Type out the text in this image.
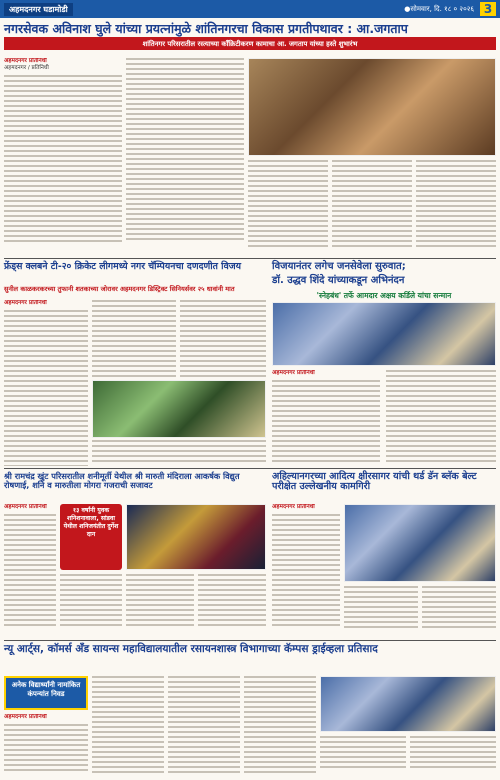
अहमदनगर घडामोडी	●सोमवार, दि. १८ ० २०२६ 3
नगरसेवक अविनाश घुले यांच्या प्रयत्नांमुळे शांतिनगरचा विकास प्रगतीपथावर : आ.जगताप
शांतिनगर परिसरातील रस्त्याच्या काँक्रिटीकरण कामाचा आ. जगताप यांच्या हस्ते शुभारंभ
अहमदनगर प्रतिनिधी
अहमदनगर / प्रतिनिधी
फ्रेंड्स क्लबने टी-२० क्रिकेट लीगमध्ये नगर चॅम्पियनचा दणदणीत विजय
सुनील काळकरकरच्या तुफानी शतकाच्या जोरावर अहमदनगर डिस्ट्रिक्ट सिनियर्सवर २५ धावांनी मात
विजयानंतर लगेच जनसेवेला सुरुवात;
डॉ. उद्धव शिंदे यांच्याकडून अभिनंदन
'स्नेहबंध' तर्फे आमदार अक्षय कर्डिले यांचा सन्मान
अहमदनगर प्रतिनिधी
अहमदनगर प्रतिनिधी
श्री रामचंद्र खुंट परिसरातील शनीमूर्ती येथील श्री मारुती मंदिराला आकर्षक विद्युत रोषणाई, शनि व मारुतीला मोगरा गजराची सजावट
अहिल्यानगरच्या आदित्य क्षीरसागर यांची थर्ड डॅन ब्लॅक बेल्ट परीक्षेत उल्लेखनीय कामगिरी
अहमदनगर प्रतिनिधी	१३ वर्षांनी युवक शनिशनावाला, सांडवा येथील शनिजयंतीत दुर्गेश दान
अहमदनगर प्रतिनिधी
न्यू आर्ट्स, कॉमर्स अँड सायन्स महाविद्यालयातील रसायनशास्त्र विभागाच्या कॅम्पस ड्राईव्हला प्रतिसाद
अनेक विद्यार्थ्यांनी नामांकित कंपन्यांत निवड
अहमदनगर प्रतिनिधी
